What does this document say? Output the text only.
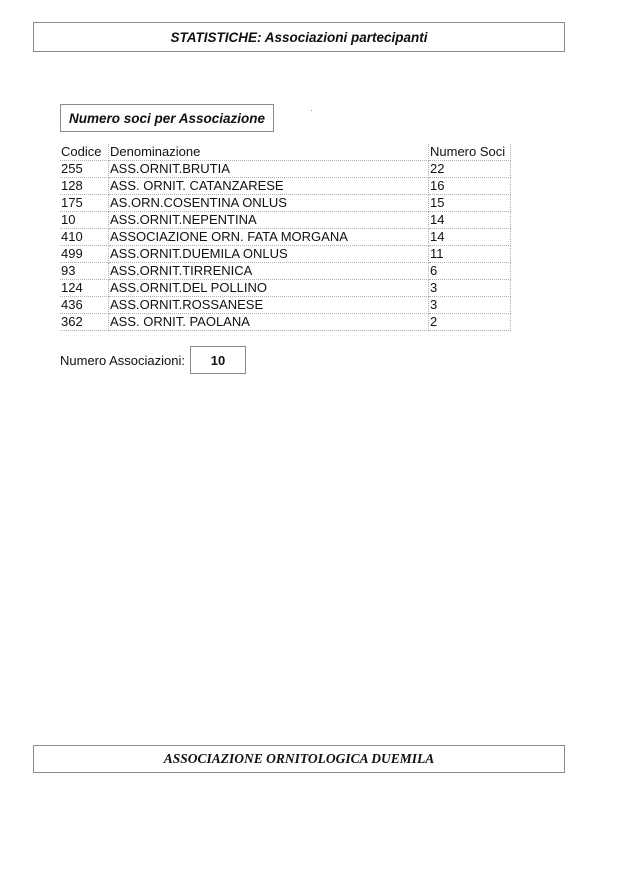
STATISTICHE: Associazioni partecipanti
Numero soci per Associazione
Codice	Denominazione	Numero Soci
255	ASS.ORNIT.BRUTIA	22
128	ASS. ORNIT. CATANZARESE	16
175	AS.ORN.COSENTINA ONLUS	15
10	ASS.ORNIT.NEPENTINA	14
410	ASSOCIAZIONE ORN. FATA MORGANA	14
499	ASS.ORNIT.DUEMILA ONLUS	11
93	ASS.ORNIT.TIRRENICA	6
124	ASS.ORNIT.DEL POLLINO	3
436	ASS.ORNIT.ROSSANESE	3
362	ASS. ORNIT. PAOLANA	2
Numero Associazioni:	10
ASSOCIAZIONE ORNITOLOGICA DUEMILA
